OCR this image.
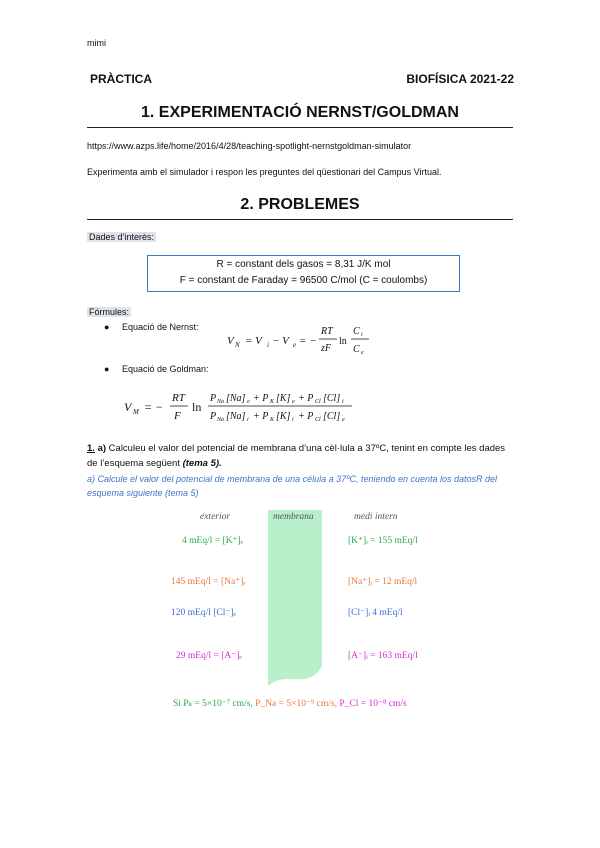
mimi
PRÀCTICA	BIOFÍSICA 2021-22
1. EXPERIMENTACIÓ NERNST/GOLDMAN
https://www.azps.life/home/2016/4/28/teaching-spotlight-nernstgoldman-simulator
Experimenta amb el simulador i respon les preguntes del qüestionari del Campus Virtual.
2. PROBLEMES
Dades d’interès:
R = constant dels gasos = 8,31 J/K mol
F = constant de Faraday = 96500 C/mol (C = coulombs)
Fórmules:
● Equació de Nernst:
V N = V i − V e = −
RT
zF
ln
C i
C e
● Equació de Goldman:
V M = −
RT
F
ln
P Na [Na] e + P K [K] e + P Cl [Cl] i
P Na [Na] i + P K [K] i + P Cl [Cl] e
1. a) Calculeu el valor del potencial de membrana d’una cèl·lula a 37ºC, tenint en compte les dades de l’esquema següent (tema 5).
a) Calcule el valor del potencial de membrana de una célula a 37ºC, teniendo en cuenta los datosR del esquema siguiente (tema 5)
exterior	membrana	medi intern
4 mEq/l = [K⁺]ₑ	[K⁺]ᵢ = 155 mEq/l
145 mEq/l = [Na⁺]ₑ	[Na⁺]ᵢ = 12 mEq/l
120 mEq/l [Cl⁻]ₑ	[Cl⁻]ᵢ 4 mEq/l
29 mEq/l = [A⁻]ₑ	[A⁻]ᵢ = 163 mEq/l
Si Pₖ = 5×10⁻⁷ cm/s, P_Na = 5×10⁻⁹ cm/s, P_Cl = 10⁻⁸ cm/s
